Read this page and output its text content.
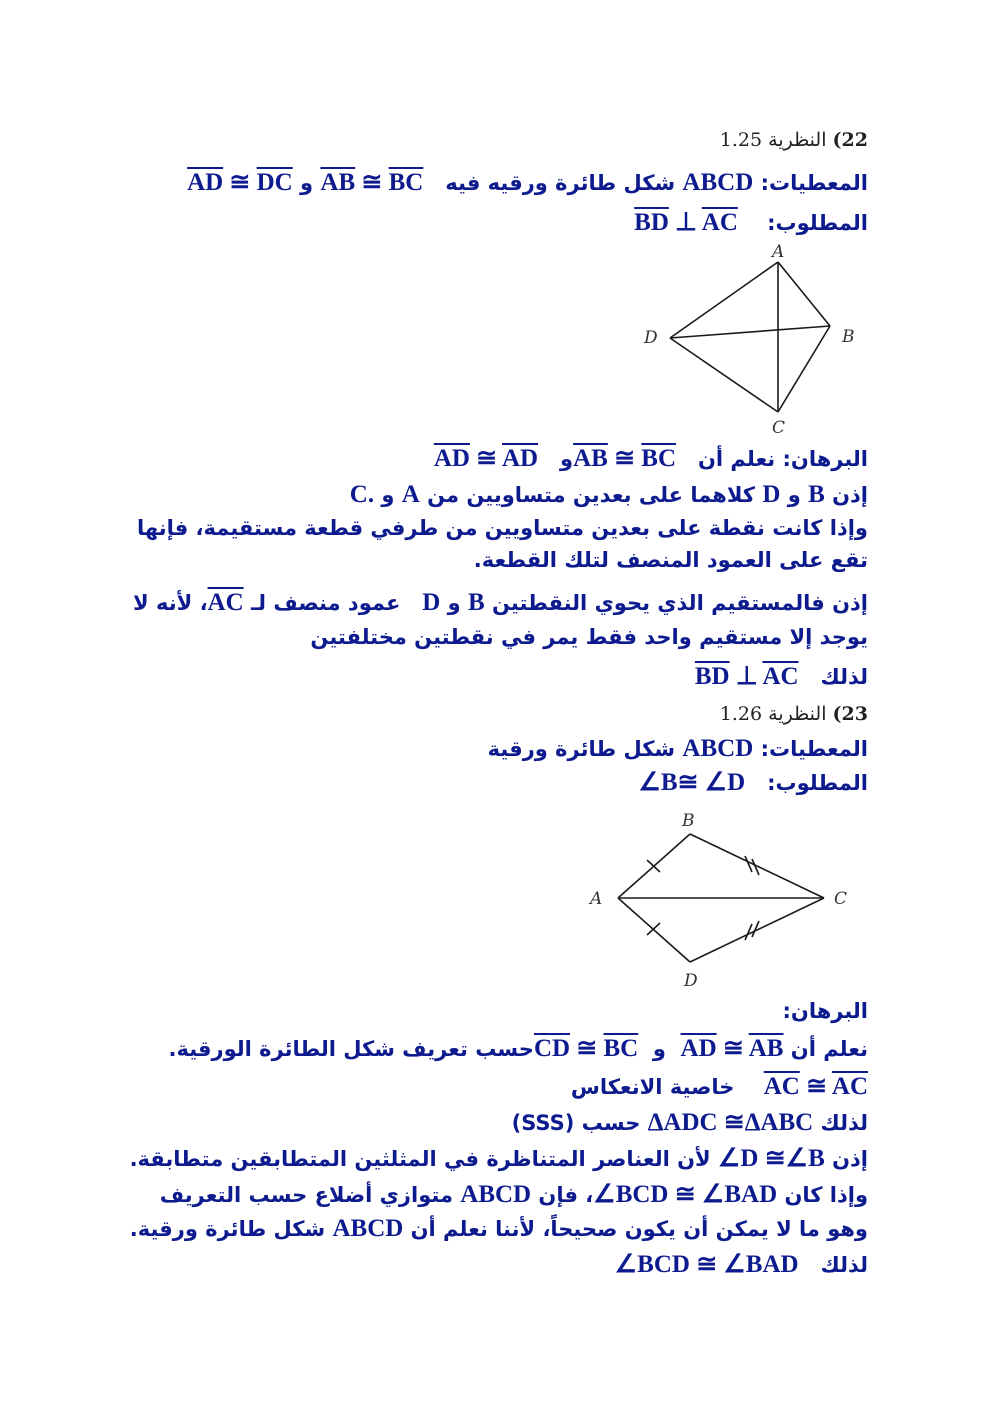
22) النظرية 1.25
المعطيات: ABCD شكل طائرة ورقيه فيه   $\overline{AB}$ ≅ $\overline{BC}$ و $\overline{AD}$ ≅ $\overline{DC}$
المطلوب:    $\overline{BD}$ ⊥ $\overline{AC}$
A
D	B
C
البرهان: نعلم أن   $\overline{AB}$ ≅ $\overline{BC}و$   $\overline{AD}$ ≅ $\overline{AD}$
إذن B و D كلاهما على بعدين متساويين من A و C.
وإذا كانت نقطة على بعدين متساويين من طرفي قطعة مستقيمة، فإنها تقع على العمود المنصف لتلك القطعة.
إذن فالمستقيم الذي يحوي النقطتين B و D   عمود منصف لـ $\overline{AC}،$ لأنه لا
يوجد إلا مستقيم واحد فقط يمر في نقطتين مختلفتين
لذلك   $\overline{BD}$ ⊥ $\overline{AC}$
23) النظرية 1.26
المعطيات: ABCD شكل طائرة ورقية
المطلوب:   ∠B≅ ∠D
B
A	C
D
البرهان:
نعلم أن $\overline{AD}$ ≅ $\overline{AB}$  و  $\overline{CD}$ ≅ $\overline{BC}حسب$ تعريف شكل الطائرة الورقية.
$\overline{AC}$ ≅ $\overline{AC}$    خاصية الانعكاس
لذلك ΔADC ≅ΔABC حسب (SSS)
إذن ∠D ≅∠B لأن العناصر المتناظرة في المثلثين المتطابقين متطابقة.
وإذا كان ∠BCD ≅ ∠BAD، فإن ABCD متوازي أضلاع حسب التعريف
وهو ما لا يمكن أن يكون صحيحاً، لأننا نعلم أن ABCD شكل طائرة ورقية.
لذلك   ∠BCD ≅ ∠BAD
